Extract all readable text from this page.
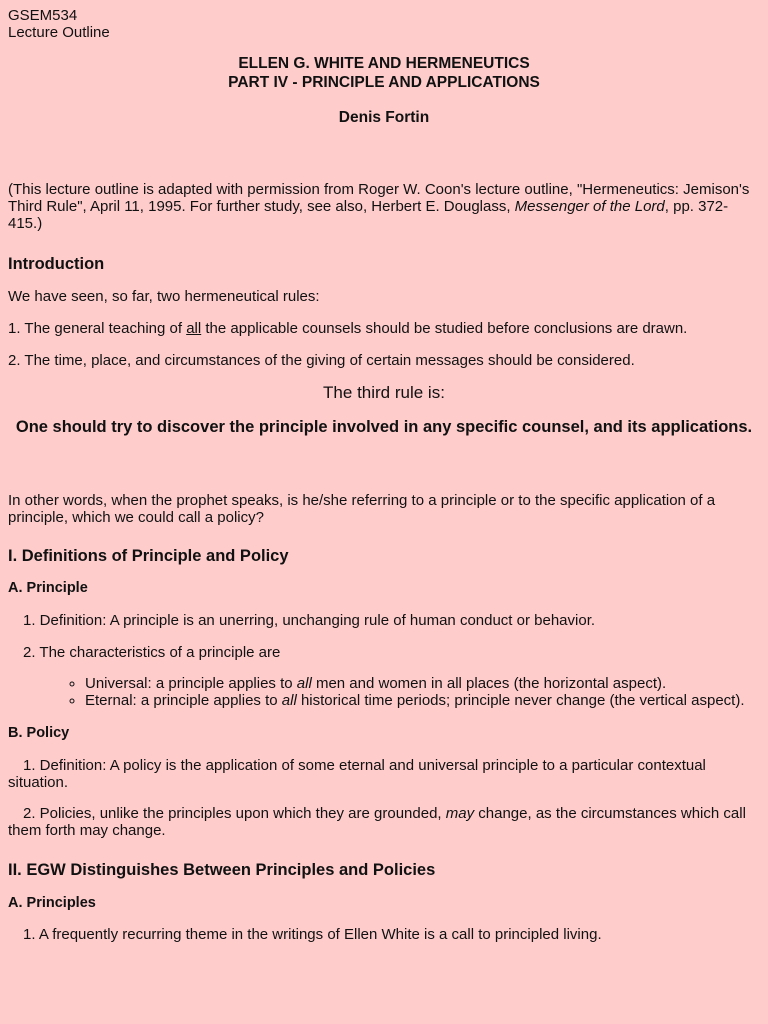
GSEM534

Lecture Outline

ELLEN G. WHITE AND HERMENEUTICS

PART IV - PRINCIPLE AND APPLICATIONS

Denis Fortin

(This lecture outline is adapted with permission from Roger W. Coon's lecture outline, "Hermeneutics: Jemison's Third Rule", April 11, 1995. For further study, see also, Herbert E. Douglass, Messenger of the Lord, pp. 372-415.)

Introduction

We have seen, so far, two hermeneutical rules:

1. The general teaching of all the applicable counsels should be studied before conclusions are drawn.

2. The time, place, and circumstances of the giving of certain messages should be considered.

The third rule is:

One should try to discover the principle involved in any specific counsel, and its applications.

In other words, when the prophet speaks, is he/she referring to a principle or to the specific application of a principle, which we could call a policy?

I. Definitions of Principle and Policy

A. Principle

1. Definition: A principle is an unerring, unchanging rule of human conduct or behavior.

2. The characteristics of a principle are

◦ Universal: a principle applies to all men and women in all places (the horizontal aspect).
◦ Eternal: a principle applies to all historical time periods; principle never change (the vertical aspect).

B. Policy

1. Definition: A policy is the application of some eternal and universal principle to a particular contextual situation.

2. Policies, unlike the principles upon which they are grounded, may change, as the circumstances which call them forth may change.

II. EGW Distinguishes Between Principles and Policies

A. Principles

1. A frequently recurring theme in the writings of Ellen White is a call to principled living.
